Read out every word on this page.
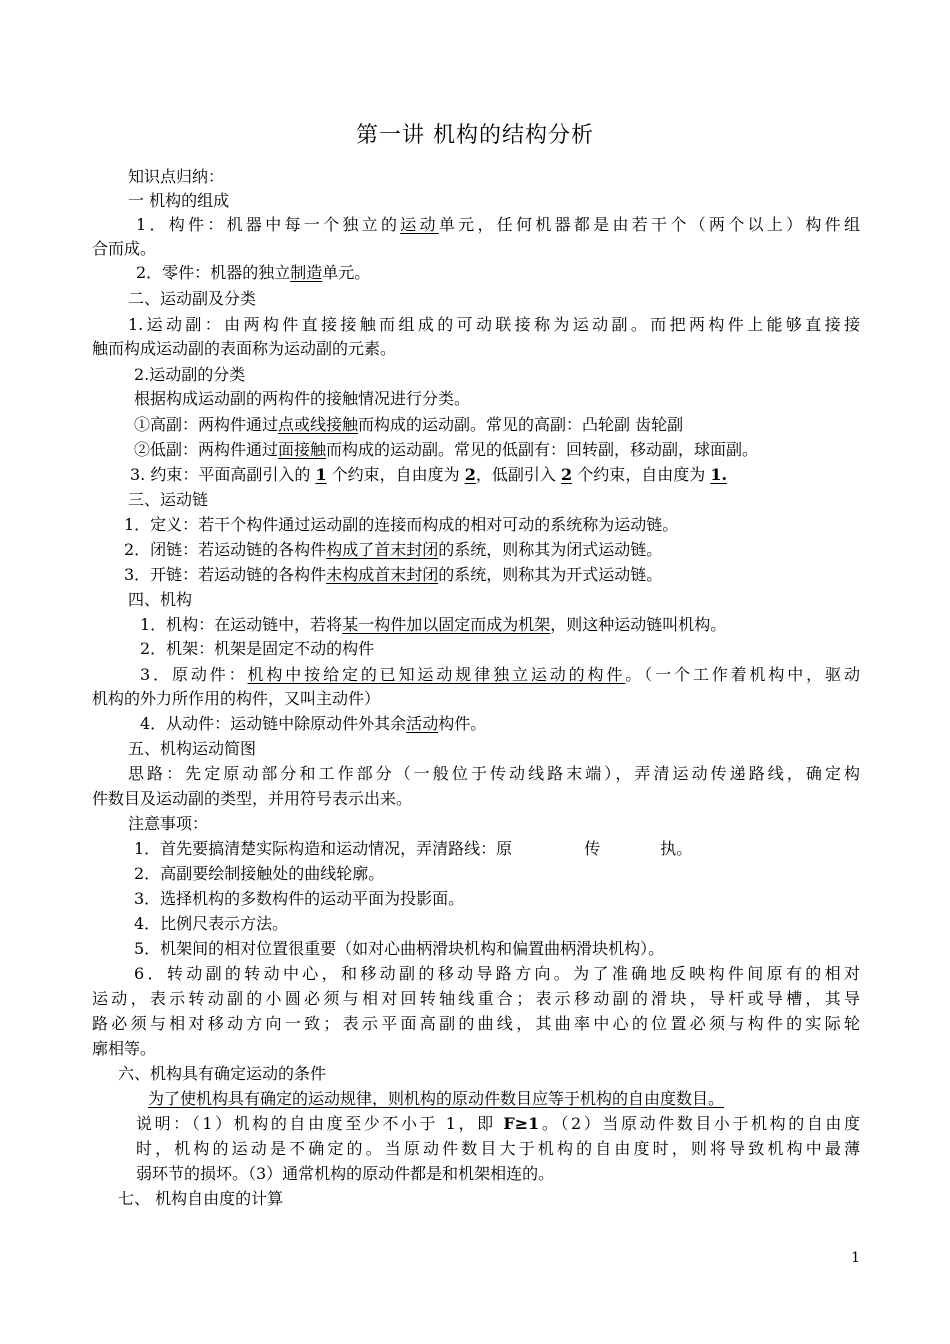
第一讲 机构的结构分析
知识点归纳：
一 机构的组成
1．构件：机器中每一个独立的运动单元，任何机器都是由若干个（两个以上）构件组
合而成。
2．零件：机器的独立制造单元。
二、运动副及分类
1.运动副：由两构件直接接触而组成的可动联接称为运动副。而把两构件上能够直接接
触而构成运动副的表面称为运动副的元素。
2.运动副的分类
根据构成运动副的两构件的接触情况进行分类。
①高副：两构件通过点或线接触而构成的运动副。常见的高副：凸轮副 齿轮副
②低副：两构件通过面接触而构成的运动副。常见的低副有：回转副，移动副，球面副。
3. 约束：平面高副引入的 1 个约束，自由度为 2，低副引入 2 个约束，自由度为 1.
三、运动链
1．定义：若干个构件通过运动副的连接而构成的相对可动的系统称为运动链。
2．闭链：若运动链的各构件构成了首末封闭的系统，则称其为闭式运动链。
3．开链：若运动链的各构件未构成首末封闭的系统，则称其为开式运动链。
四、机构
1．机构：在运动链中，若将某一构件加以固定而成为机架，则这种运动链叫机构。
2．机架：机架是固定不动的构件
3．原动件：机构中按给定的已知运动规律独立运动的构件。（一个工作着机构中，驱动
机构的外力所作用的构件，又叫主动件）
4．从动件：运动链中除原动件外其余活动构件。
五、机构运动简图
思路：先定原动部分和工作部分（一般位于传动线路末端），弄清运动传递路线，确定构
件数目及运动副的类型，并用符号表示出来。
注意事项：
1．首先要搞清楚实际构造和运动情况，弄清路线：原	传	执。
2．高副要绘制接触处的曲线轮廓。
3．选择机构的多数构件的运动平面为投影面。
4．比例尺表示方法。
5．机架间的相对位置很重要（如对心曲柄滑块机构和偏置曲柄滑块机构）。
6．转动副的转动中心，和移动副的移动导路方向。为了准确地反映构件间原有的相对
运动，表示转动副的小圆必须与相对回转轴线重合；表示移动副的滑块，导杆或导槽，其导
路必须与相对移动方向一致；表示平面高副的曲线，其曲率中心的位置必须与构件的实际轮
廓相等。
六、机构具有确定运动的条件
为了使机构具有确定的运动规律，则机构的原动件数目应等于机构的自由度数目。
说明：（1）机构的自由度至少不小于 1，即 F≥1。（2）当原动件数目小于机构的自由度
时，机构的运动是不确定的。当原动件数目大于机构的自由度时，则将导致机构中最薄
弱环节的损坏。（3）通常机构的原动件都是和机架相连的。
七、 机构自由度的计算
1
